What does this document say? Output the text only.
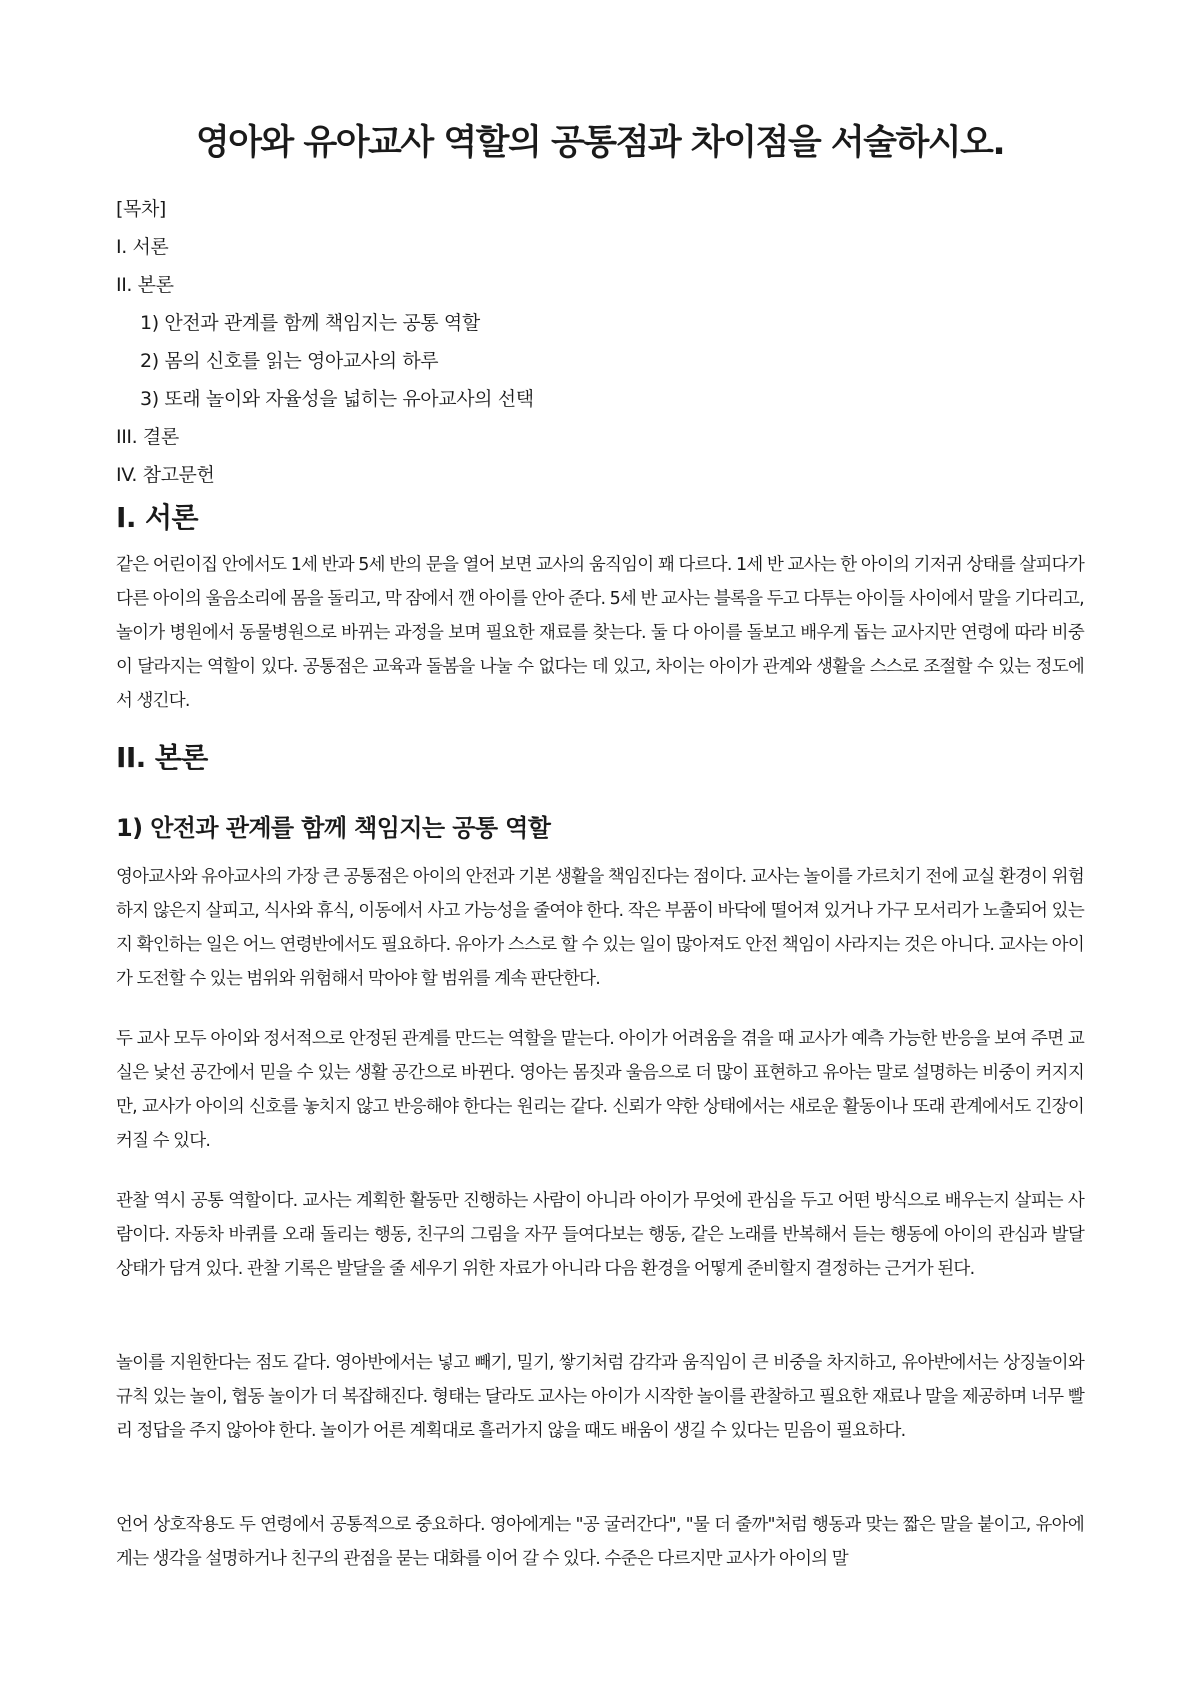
영아와 유아교사 역할의 공통점과 차이점을 서술하시오.
[목차]
I. 서론
II. 본론
1) 안전과 관계를 함께 책임지는 공통 역할
2) 몸의 신호를 읽는 영아교사의 하루
3) 또래 놀이와 자율성을 넓히는 유아교사의 선택
III. 결론
IV. 참고문헌
I. 서론

같은 어린이집 안에서도 1세 반과 5세 반의 문을 열어 보면 교사의 움직임이 꽤 다르다. 1세 반 교사는 한 아이의 기저귀 상태를 살피다가 다른 아이의 울음소리에 몸을 돌리고, 막 잠에서 깬 아이를 안아 준다. 5세 반 교사는 블록을 두고 다투는 아이들 사이에서 말을 기다리고, 놀이가 병원에서 동물병원으로 바뀌는 과정을 보며 필요한 재료를 찾는다. 둘 다 아이를 돌보고 배우게 돕는 교사지만 연령에 따라 비중이 달라지는 역할이 있다. 공통점은 교육과 돌봄을 나눌 수 없다는 데 있고, 차이는 아이가 관계와 생활을 스스로 조절할 수 있는 정도에서 생긴다.

II. 본론
1) 안전과 관계를 함께 책임지는 공통 역할

영아교사와 유아교사의 가장 큰 공통점은 아이의 안전과 기본 생활을 책임진다는 점이다. 교사는 놀이를 가르치기 전에 교실 환경이 위험하지 않은지 살피고, 식사와 휴식, 이동에서 사고 가능성을 줄여야 한다. 작은 부품이 바닥에 떨어져 있거나 가구 모서리가 노출되어 있는지 확인하는 일은 어느 연령반에서도 필요하다. 유아가 스스로 할 수 있는 일이 많아져도 안전 책임이 사라지는 것은 아니다. 교사는 아이가 도전할 수 있는 범위와 위험해서 막아야 할 범위를 계속 판단한다.

두 교사 모두 아이와 정서적으로 안정된 관계를 만드는 역할을 맡는다. 아이가 어려움을 겪을 때 교사가 예측 가능한 반응을 보여 주면 교실은 낯선 공간에서 믿을 수 있는 생활 공간으로 바뀐다. 영아는 몸짓과 울음으로 더 많이 표현하고 유아는 말로 설명하는 비중이 커지지만, 교사가 아이의 신호를 놓치지 않고 반응해야 한다는 원리는 같다. 신뢰가 약한 상태에서는 새로운 활동이나 또래 관계에서도 긴장이 커질 수 있다.

관찰 역시 공통 역할이다. 교사는 계획한 활동만 진행하는 사람이 아니라 아이가 무엇에 관심을 두고 어떤 방식으로 배우는지 살피는 사람이다. 자동차 바퀴를 오래 돌리는 행동, 친구의 그림을 자꾸 들여다보는 행동, 같은 노래를 반복해서 듣는 행동에 아이의 관심과 발달 상태가 담겨 있다. 관찰 기록은 발달을 줄 세우기 위한 자료가 아니라 다음 환경을 어떻게 준비할지 결정하는 근거가 된다.

놀이를 지원한다는 점도 같다. 영아반에서는 넣고 빼기, 밀기, 쌓기처럼 감각과 움직임이 큰 비중을 차지하고, 유아반에서는 상징놀이와 규칙 있는 놀이, 협동 놀이가 더 복잡해진다. 형태는 달라도 교사는 아이가 시작한 놀이를 관찰하고 필요한 재료나 말을 제공하며 너무 빨리 정답을 주지 않아야 한다. 놀이가 어른 계획대로 흘러가지 않을 때도 배움이 생길 수 있다는 믿음이 필요하다.

언어 상호작용도 두 연령에서 공통적으로 중요하다. 영아에게는 "공 굴러간다", "물 더 줄까"처럼 행동과 맞는 짧은 말을 붙이고, 유아에게는 생각을 설명하거나 친구의 관점을 묻는 대화를 이어 갈 수 있다. 수준은 다르지만 교사가 아이의 말
